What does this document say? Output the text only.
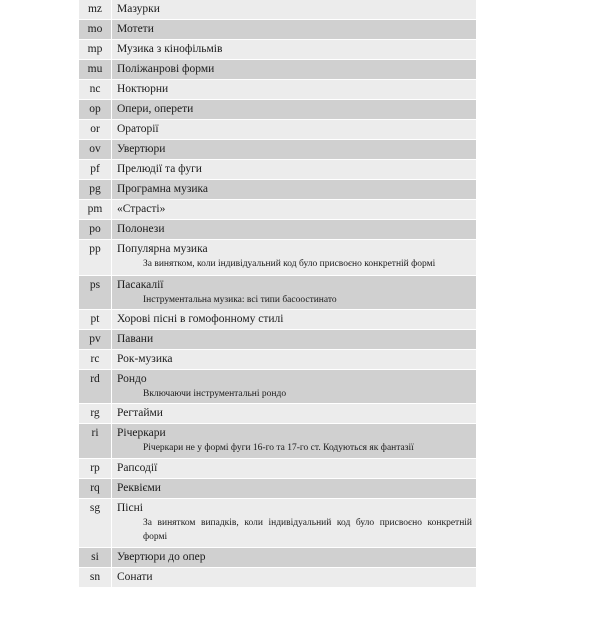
mz	Мазурки
mo	Мотети
mp	Музика з кінофільмів
mu	Поліжанрові форми
nc	Ноктюрни
op	Опери, оперети
or	Ораторії
ov	Увертюри
pf	Прелюдії та фуги
pg	Програмна музика
pm	«Страсті»
po	Полонези
pp	Популярна музика
За винятком, коли індивідуальний код було присвоєно конкретній формі
ps	Пасакалії
Інструментальна музика: всі типи басоостинато
pt	Хорові пісні в гомофонному стилі
pv	Павани
rc	Рок-музика
rd	Рондо
Включаючи інструментальні рондо
rg	Регтайми
ri	Річеркари
Річеркари не у формі фуги 16-го та 17-го ст. Кодуються як фантазії
rp	Рапсодії
rq	Реквієми
sg	Пісні
За винятком випадків, коли індивідуальний код було присвоєно конкретній формі
si	Увертюри до опер
sn	Сонати
